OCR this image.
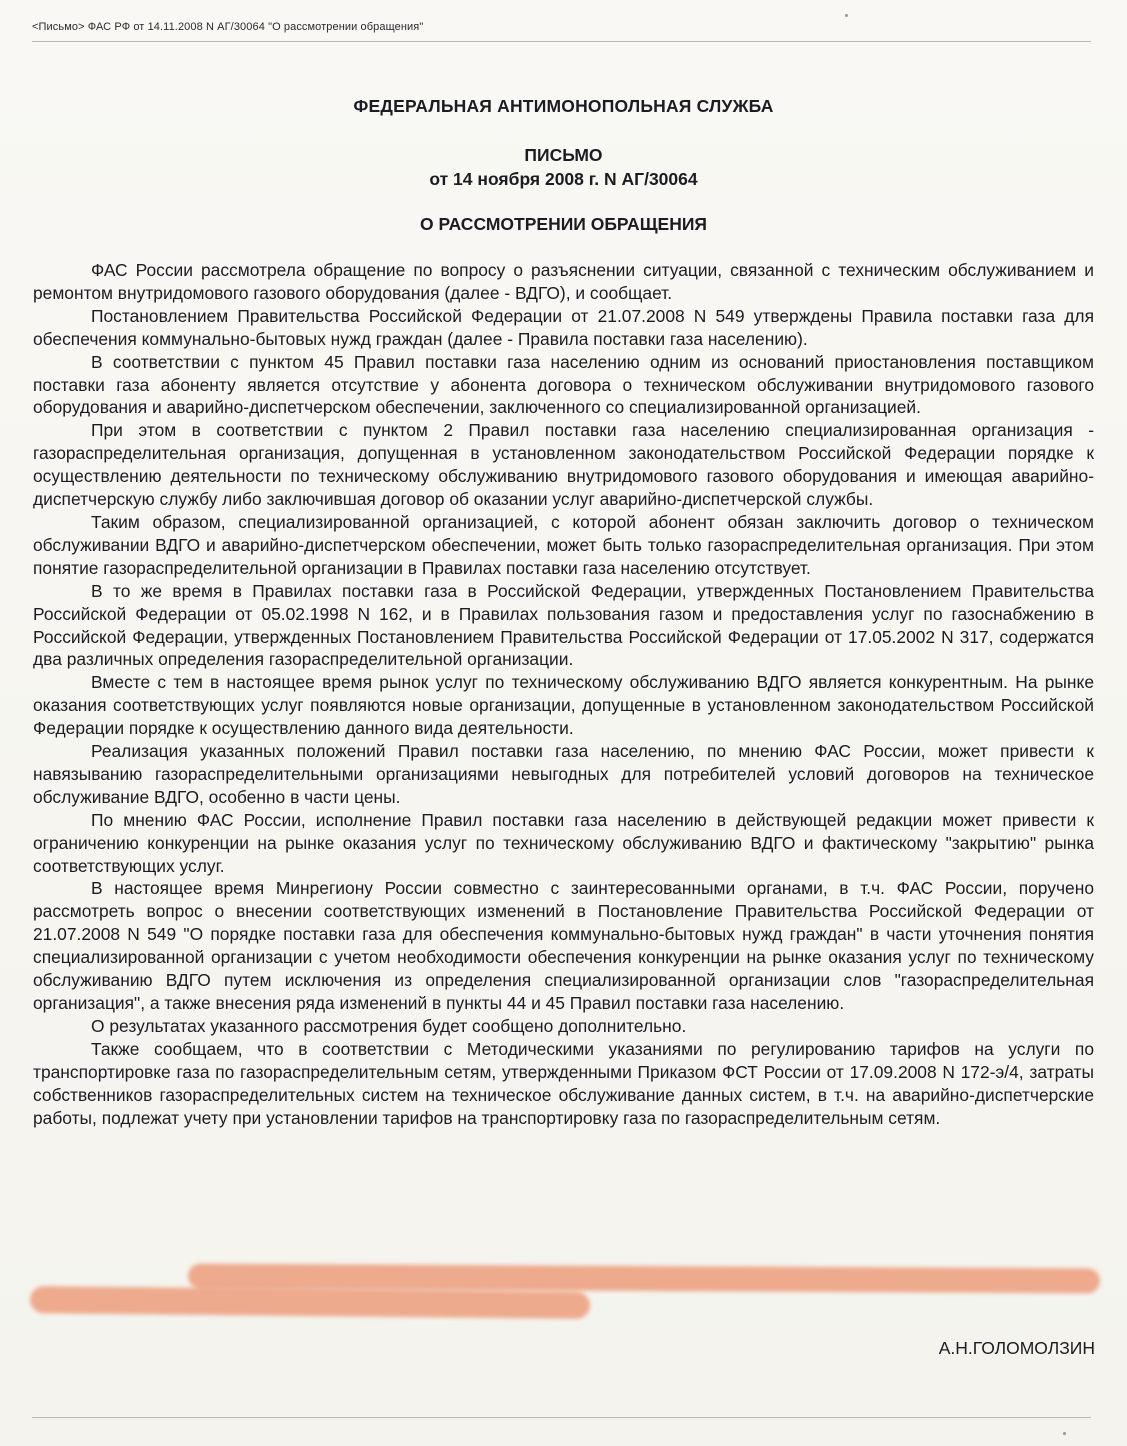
<Письмо> ФАС РФ от 14.11.2008 N АГ/30064 "О рассмотрении обращения"
ФЕДЕРАЛЬНАЯ АНТИМОНОПОЛЬНАЯ СЛУЖБА
ПИСЬМО
от 14 ноября 2008 г. N АГ/30064
О РАССМОТРЕНИИ ОБРАЩЕНИЯ

ФАС России рассмотрела обращение по вопросу о разъяснении ситуации, связанной с техническим обслуживанием и ремонтом внутридомового газового оборудования (далее - ВДГО), и сообщает.

Постановлением Правительства Российской Федерации от 21.07.2008 N 549 утверждены Правила поставки газа для обеспечения коммунально-бытовых нужд граждан (далее - Правила поставки газа населению).

В соответствии с пунктом 45 Правил поставки газа населению одним из оснований приостановления поставщиком поставки газа абоненту является отсутствие у абонента договора о техническом обслуживании внутридомового газового оборудования и аварийно-диспетчерском обеспечении, заключенного со специализированной организацией.

При этом в соответствии с пунктом 2 Правил поставки газа населению специализированная организация - газораспределительная организация, допущенная в установленном законодательством Российской Федерации порядке к осуществлению деятельности по техническому обслуживанию внутридомового газового оборудования и имеющая аварийно-диспетчерскую службу либо заключившая договор об оказании услуг аварийно-диспетчерской службы.

Таким образом, специализированной организацией, с которой абонент обязан заключить договор о техническом обслуживании ВДГО и аварийно-диспетчерском обеспечении, может быть только газораспределительная организация. При этом понятие газораспределительной организации в Правилах поставки газа населению отсутствует.

В то же время в Правилах поставки газа в Российской Федерации, утвержденных Постановлением Правительства Российской Федерации от 05.02.1998 N 162, и в Правилах пользования газом и предоставления услуг по газоснабжению в Российской Федерации, утвержденных Постановлением Правительства Российской Федерации от 17.05.2002 N 317, содержатся два различных определения газораспределительной организации.

Вместе с тем в настоящее время рынок услуг по техническому обслуживанию ВДГО является конкурентным. На рынке оказания соответствующих услуг появляются новые организации, допущенные в установленном законодательством Российской Федерации порядке к осуществлению данного вида деятельности.

Реализация указанных положений Правил поставки газа населению, по мнению ФАС России, может привести к навязыванию газораспределительными организациями невыгодных для потребителей условий договоров на техническое обслуживание ВДГО, особенно в части цены.

По мнению ФАС России, исполнение Правил поставки газа населению в действующей редакции может привести к ограничению конкуренции на рынке оказания услуг по техническому обслуживанию ВДГО и фактическому "закрытию" рынка соответствующих услуг.

В настоящее время Минрегиону России совместно с заинтересованными органами, в т.ч. ФАС России, поручено рассмотреть вопрос о внесении соответствующих изменений в Постановление Правительства Российской Федерации от 21.07.2008 N 549 "О порядке поставки газа для обеспечения коммунально-бытовых нужд граждан" в части уточнения понятия специализированной организации с учетом необходимости обеспечения конкуренции на рынке оказания услуг по техническому обслуживанию ВДГО путем исключения из определения специализированной организации слов "газораспределительная организация", а также внесения ряда изменений в пункты 44 и 45 Правил поставки газа населению.

О результатах указанного рассмотрения будет сообщено дополнительно.

Также сообщаем, что в соответствии с Методическими указаниями по регулированию тарифов на услуги по транспортировке газа по газораспределительным сетям, утвержденными Приказом ФСТ России от 17.09.2008 N 172-э/4, затраты собственников газораспределительных систем на техническое обслуживание данных систем, в т.ч. на аварийно-диспетчерские работы, подлежат учету при установлении тарифов на транспортировку газа по газораспределительным сетям.

А.Н.ГОЛОМОЛЗИН
